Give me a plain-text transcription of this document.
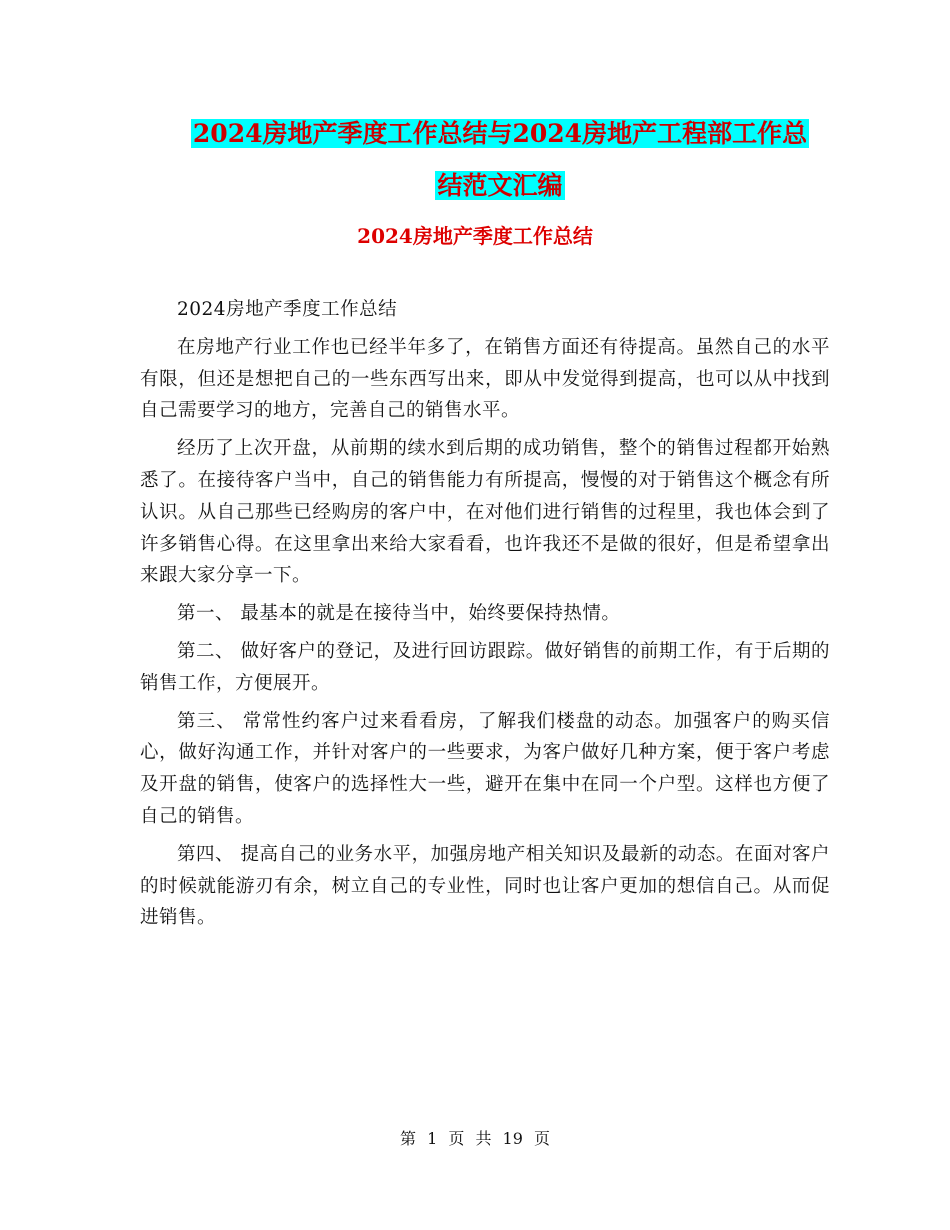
2024房地产季度工作总结与2024房地产工程部工作总
结范文汇编
2024房地产季度工作总结

2024房地产季度工作总结

在房地产行业工作也已经半年多了，在销售方面还有待提高。虽然自己的水平有限，但还是想把自己的一些东西写出来，即从中发觉得到提高，也可以从中找到自己需要学习的地方，完善自己的销售水平。

经历了上次开盘，从前期的续水到后期的成功销售，整个的销售过程都开始熟悉了。在接待客户当中，自己的销售能力有所提高，慢慢的对于销售这个概念有所认识。从自己那些已经购房的客户中，在对他们进行销售的过程里，我也体会到了许多销售心得。在这里拿出来给大家看看，也许我还不是做的很好，但是希望拿出来跟大家分享一下。

第一、 最基本的就是在接待当中，始终要保持热情。

第二、 做好客户的登记，及进行回访跟踪。做好销售的前期工作，有于后期的销售工作，方便展开。

第三、 常常性约客户过来看看房，了解我们楼盘的动态。加强客户的购买信心，做好沟通工作，并针对客户的一些要求，为客户做好几种方案，便于客户考虑及开盘的销售，使客户的选择性大一些，避开在集中在同一个户型。这样也方便了自己的销售。

第四、 提高自己的业务水平，加强房地产相关知识及最新的动态。在面对客户的时候就能游刃有余，树立自己的专业性，同时也让客户更加的想信自己。从而促进销售。

第 1 页 共 19 页
